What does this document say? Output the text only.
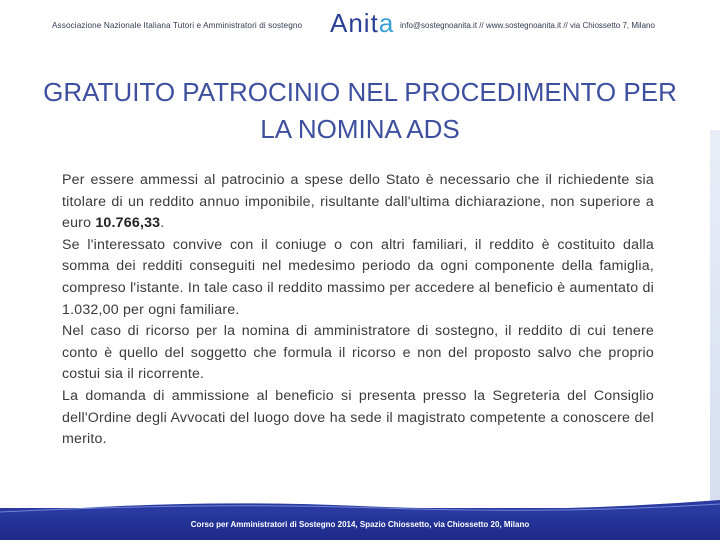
Associazione Nazionale Italiana Tutori e Amministratori di sostegno Anita info@sostegnoanita.it // www.sostegnoanita.it // via Chiossetto 7, Milano
GRATUITO PATROCINIO NEL PROCEDIMENTO PER LA NOMINA ADS

Per essere ammessi al patrocinio a spese dello Stato è necessario che il richiedente sia titolare di un reddito annuo imponibile, risultante dall'ultima dichiarazione, non superiore a euro 10.766,33.

Se l'interessato convive con il coniuge o con altri familiari, il reddito è costituito dalla somma dei redditi conseguiti nel medesimo periodo da ogni componente della famiglia, compreso l'istante. In tale caso il reddito massimo per accedere al beneficio è aumentato di 1.032,00 per ogni familiare.

Nel caso di ricorso per la nomina di amministratore di sostegno, il reddito di cui tenere conto è quello del soggetto che formula il ricorso e non del proposto salvo che proprio costui sia il ricorrente.

La domanda di ammissione al beneficio si presenta presso la Segreteria del Consiglio dell'Ordine degli Avvocati del luogo dove ha sede il magistrato competente a conoscere del merito.

Corso per Amministratori di Sostegno 2014, Spazio Chiossetto, via Chiossetto 20, Milano
